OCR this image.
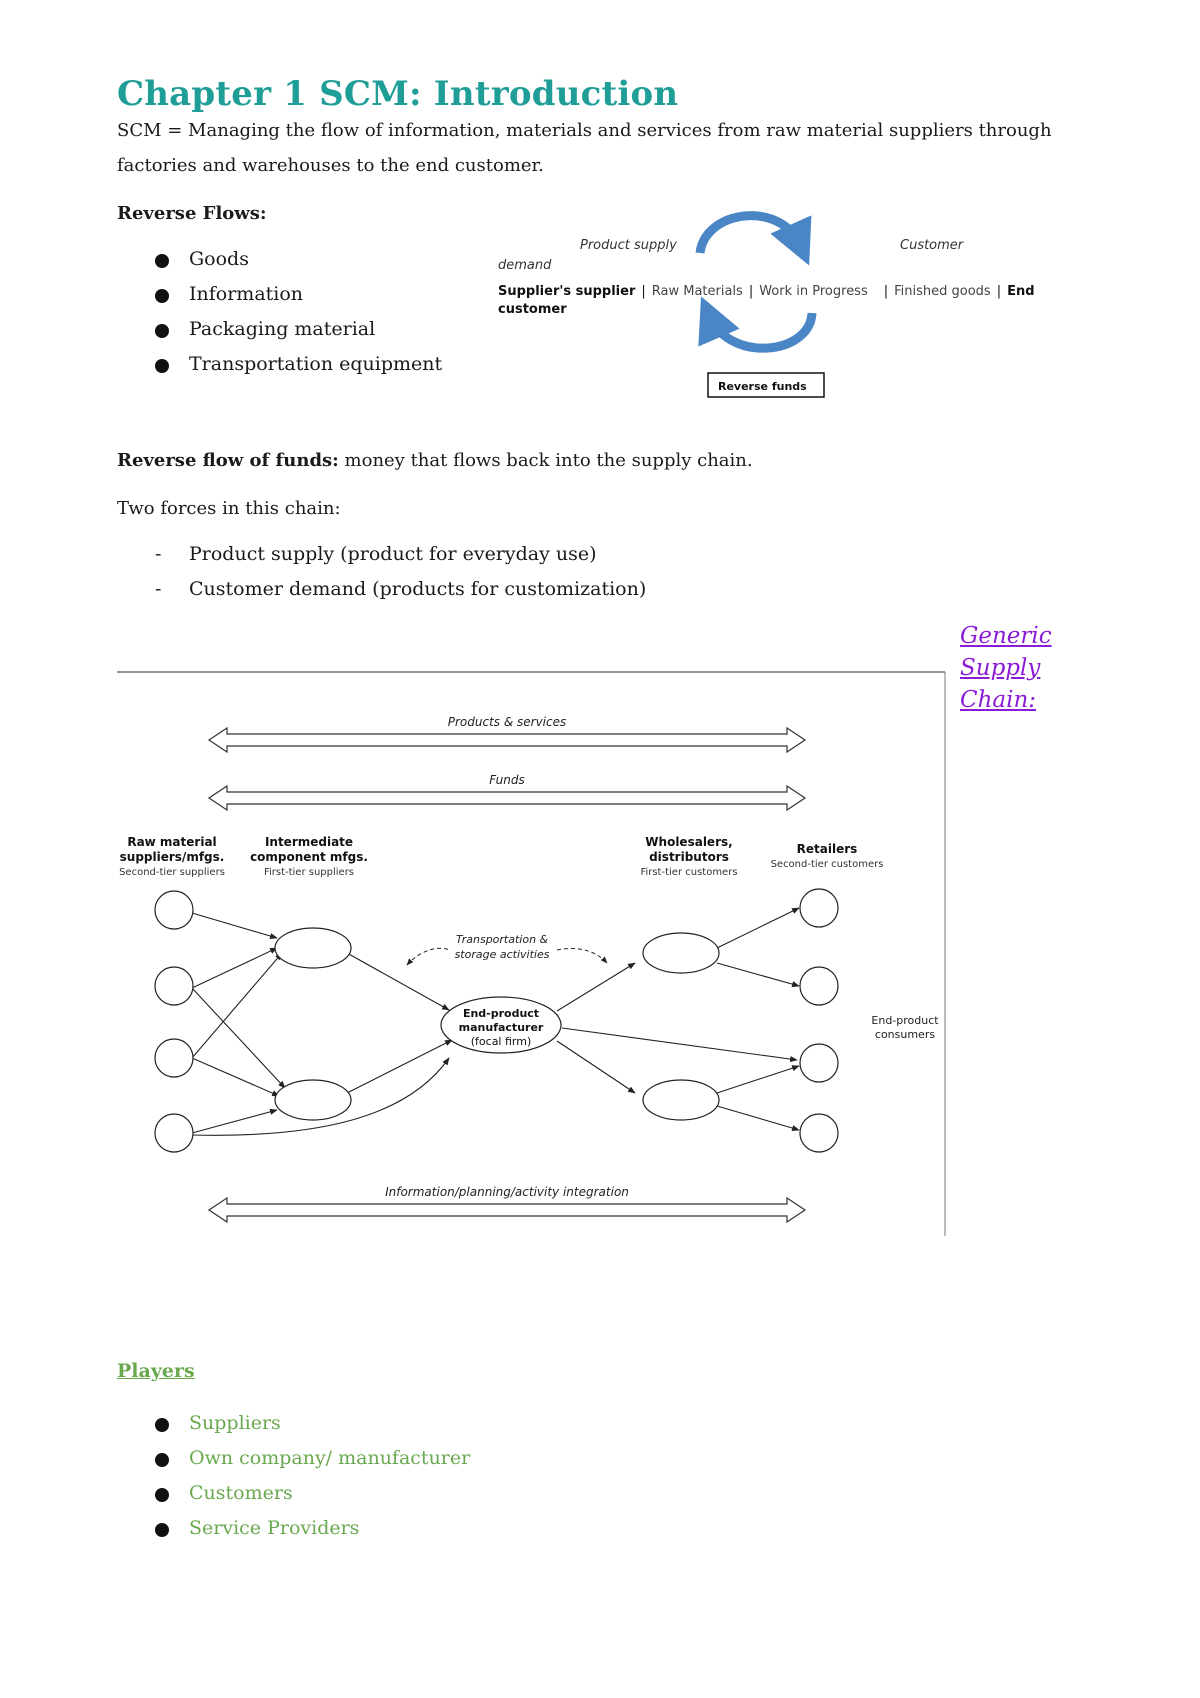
Chapter 1 SCM: Introduction
SCM = Managing the flow of information, materials and services from raw material suppliers through factories and warehouses to the end customer.
Reverse Flows:
Goods
Information
Packaging material
Transportation equipment
Product supply	Customer
demand
Supplier's supplier | Raw Materials | Work in Progress | Finished goods | End
customer
Reverse funds
Reverse flow of funds: money that flows back into the supply chain.
Two forces in this chain:
- Product supply (product for everyday use)
- Customer demand (products for customization)
Generic
Supply
Chain:
Products & services
Funds
Information/planning/activity integration
Raw material
suppliers/mfgs.
Second-tier suppliers
Intermediate
component mfgs.
First-tier suppliers
Wholesalers,
distributors
First-tier customers
Retailers
Second-tier customers
Transportation &
storage activities
End-product
manufacturer
(focal firm)
End-product
consumers
Players
Suppliers
Own company/ manufacturer
Customers
Service Providers
